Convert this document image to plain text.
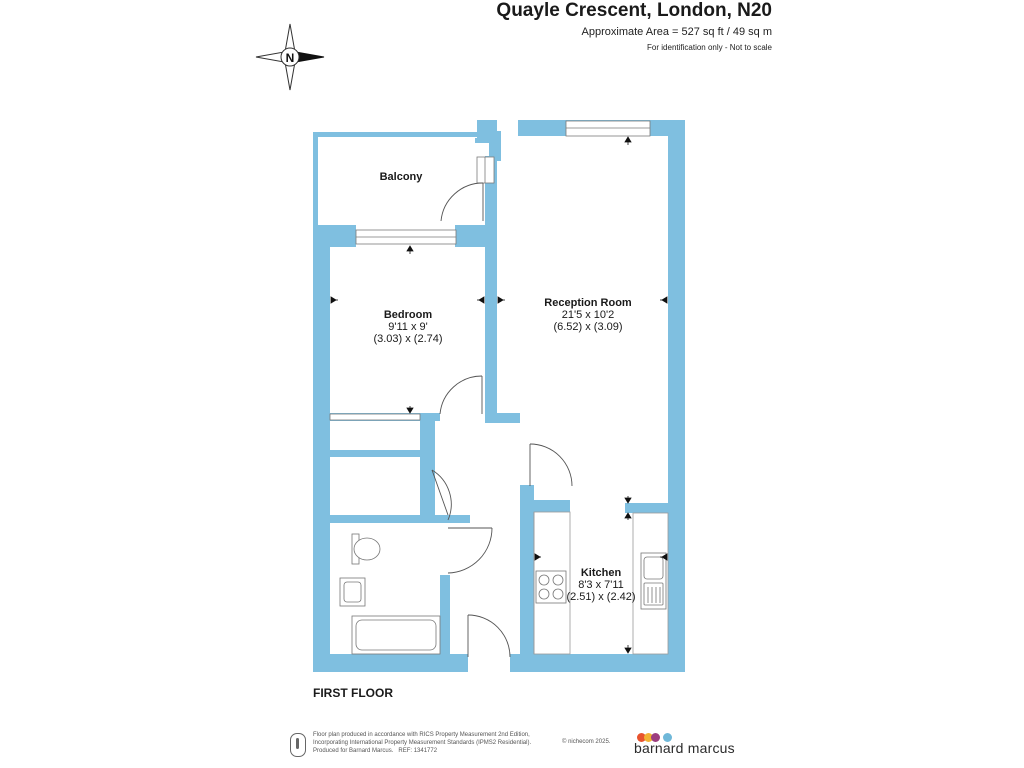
Quayle Crescent, London, N20
Approximate Area = 527 sq ft / 49 sq m
For identification only - Not to scale
N
Balcony
Bedroom
9'11 x 9'
(3.03) x (2.74)
Reception Room
21'5 x 10'2
(6.52) x (3.09)
Kitchen
8'3 x 7'11
(2.51) x (2.42)
FIRST FLOOR
Floor plan produced in accordance with RICS Property Measurement 2nd Edition,
Incorporating International Property Measurement Standards (IPMS2 Residential).
Produced for Barnard Marcus.   REF: 1341772
© nichecom 2025. barnard marcus
